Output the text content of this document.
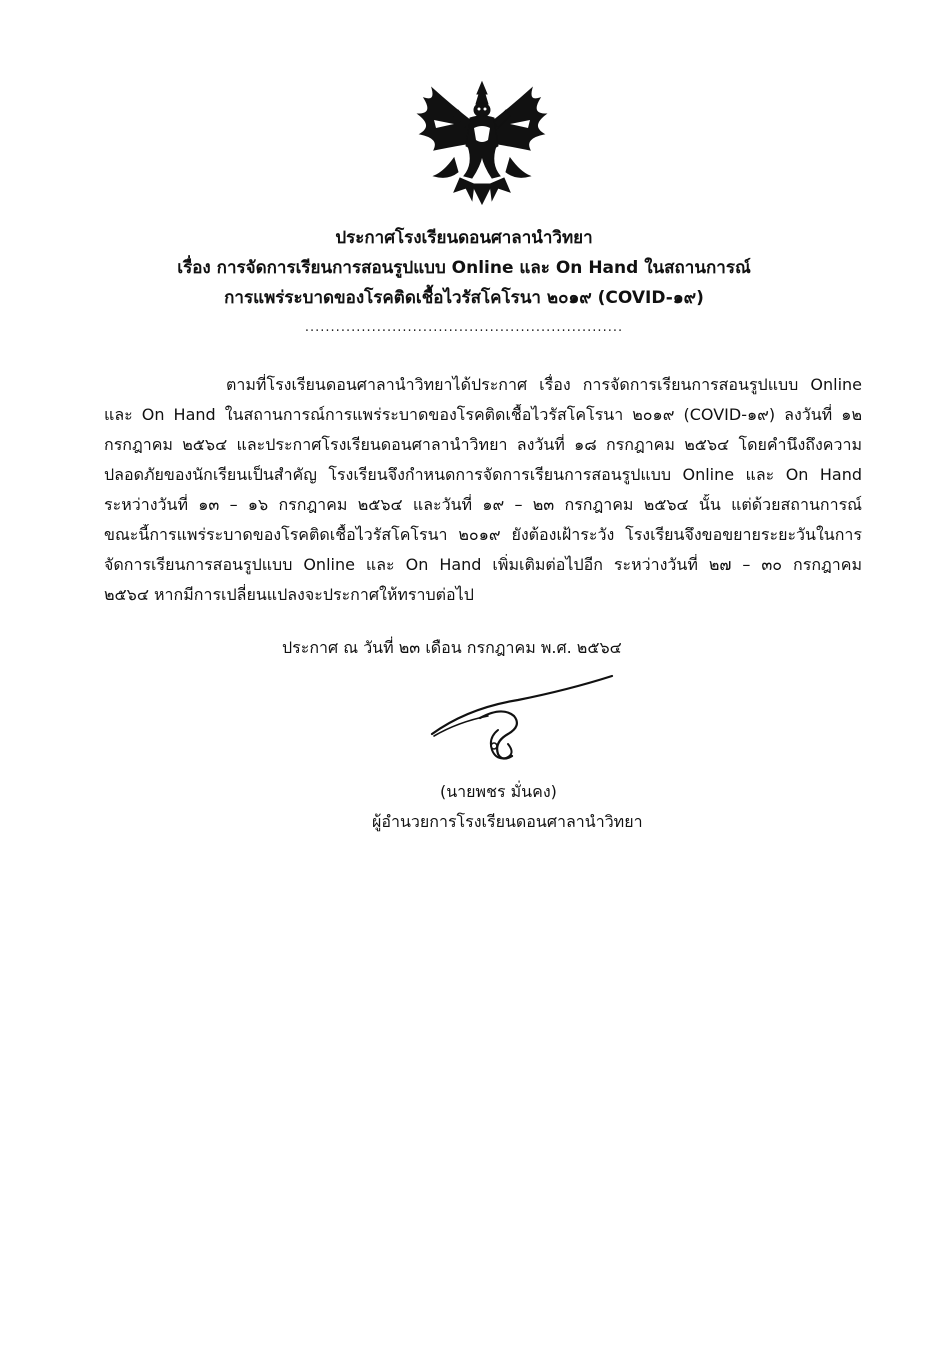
ประกาศโรงเรียนดอนศาลานำวิทยา
เรื่อง การจัดการเรียนการสอนรูปแบบ Online และ On Hand ในสถานการณ์
การแพร่ระบาดของโรคติดเชื้อไวรัสโคโรนา ๒๐๑๙ (COVID-๑๙)
..............................................................
ตามที่โรงเรียนดอนศาลานำวิทยาได้ประกาศ เรื่อง การจัดการเรียนการสอนรูปแบบ Online
และ On Hand ในสถานการณ์การแพร่ระบาดของโรคติดเชื้อไวรัสโคโรนา ๒๐๑๙ (COVID-๑๙) ลงวันที่ ๑๒
กรกฎาคม ๒๕๖๔ และประกาศโรงเรียนดอนศาลานำวิทยา ลงวันที่ ๑๘ กรกฎาคม ๒๕๖๔ โดยคำนึงถึงความ
ปลอดภัยของนักเรียนเป็นสำคัญ โรงเรียนจึงกำหนดการจัดการเรียนการสอนรูปแบบ Online และ On Hand
ระหว่างวันที่ ๑๓ – ๑๖ กรกฎาคม ๒๕๖๔ และวันที่ ๑๙ – ๒๓ กรกฎาคม ๒๕๖๔ นั้น แต่ด้วยสถานการณ์
ขณะนี้การแพร่ระบาดของโรคติดเชื้อไวรัสโคโรนา ๒๐๑๙ ยังต้องเฝ้าระวัง โรงเรียนจึงขอขยายระยะวันในการ
จัดการเรียนการสอนรูปแบบ Online และ On Hand เพิ่มเติมต่อไปอีก ระหว่างวันที่ ๒๗ – ๓๐ กรกฎาคม
๒๕๖๔ หากมีการเปลี่ยนแปลงจะประกาศให้ทราบต่อไป
ประกาศ ณ วันที่ ๒๓ เดือน กรกฎาคม พ.ศ. ๒๕๖๔
(นายพชร มั่นคง)
ผู้อำนวยการโรงเรียนดอนศาลานำวิทยา
